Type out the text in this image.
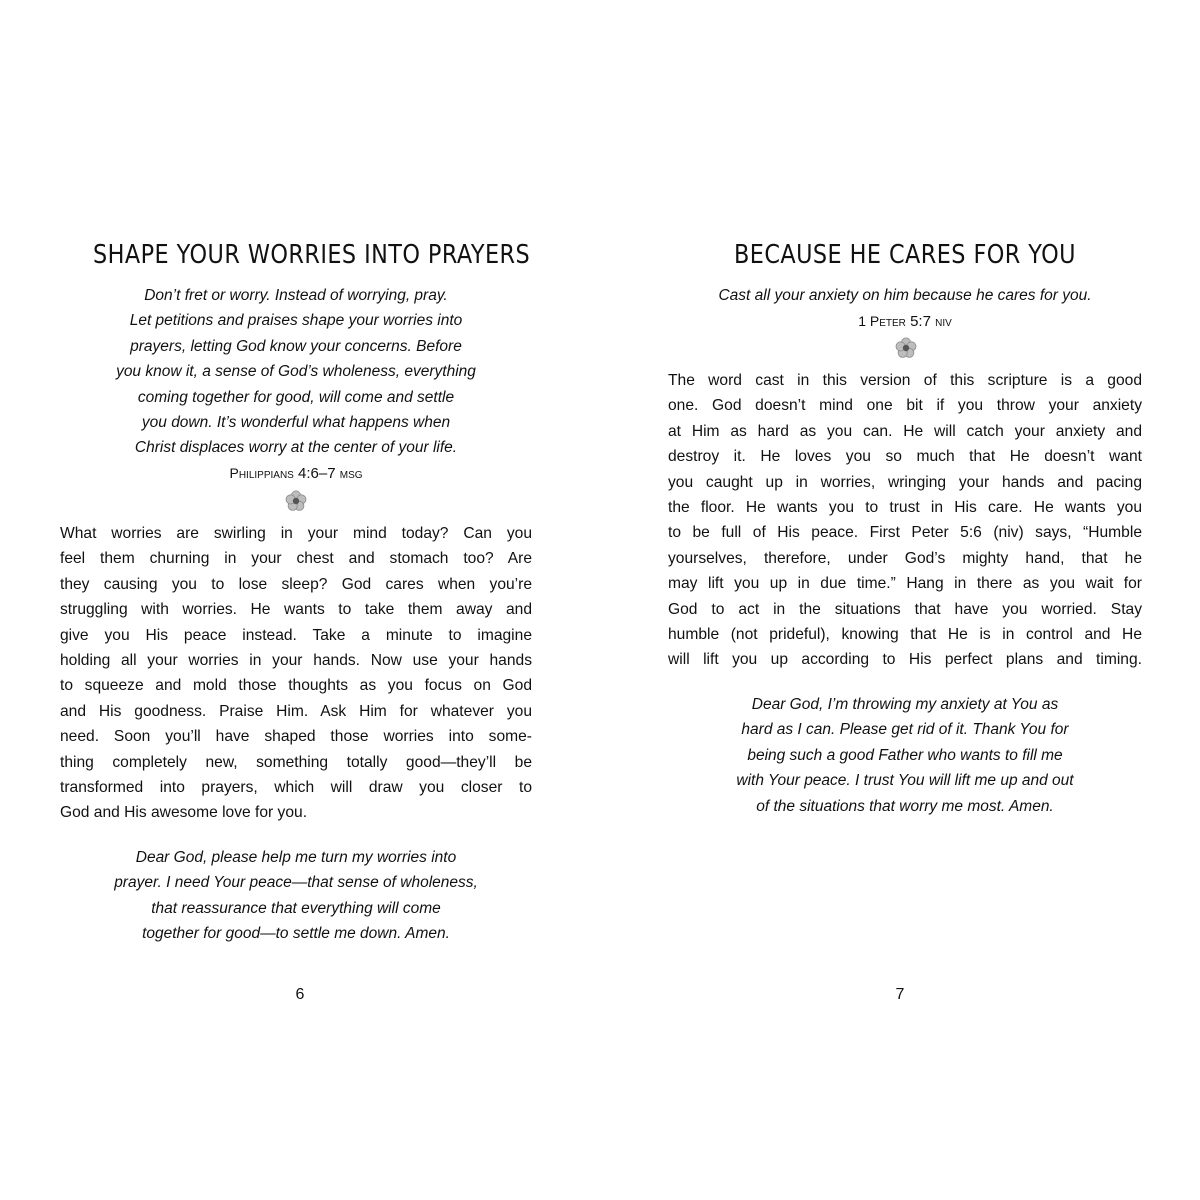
SHAPE YOUR WORRIES INTO PRAYERS
Don’t fret or worry. Instead of worrying, pray.
Let petitions and praises shape your worries into
prayers, letting God know your concerns. Before
you know it, a sense of God’s wholeness, everything
coming together for good, will come and settle
you down. It’s wonderful what happens when
Christ displaces worry at the center of your life.
Philippians 4:6–7 msg
What worries are swirling in your mind today? Can you
feel them churning in your chest and stomach too? Are
they causing you to lose sleep? God cares when you’re
struggling with worries. He wants to take them away and
give you His peace instead. Take a minute to imagine
holding all your worries in your hands. Now use your hands
to squeeze and mold those thoughts as you focus on God
and His goodness. Praise Him. Ask Him for whatever you
need. Soon you’ll have shaped those worries into some-
thing completely new, something totally good—they’ll be
transformed into prayers, which will draw you closer to
God and His awesome love for you.
Dear God, please help me turn my worries into
prayer. I need Your peace—that sense of wholeness,
that reassurance that everything will come
together for good—to settle me down. Amen.
6
BECAUSE HE CARES FOR YOU
Cast all your anxiety on him because he cares for you.
1 Peter 5:7 niv
The word cast in this version of this scripture is a good
one. God doesn’t mind one bit if you throw your anxiety
at Him as hard as you can. He will catch your anxiety and
destroy it. He loves you so much that He doesn’t want
you caught up in worries, wringing your hands and pacing
the floor. He wants you to trust in His care. He wants you
to be full of His peace. First Peter 5:6 (niv) says, “Humble
yourselves, therefore, under God’s mighty hand, that he
may lift you up in due time.” Hang in there as you wait for
God to act in the situations that have you worried. Stay
humble (not prideful), knowing that He is in control and He
will lift you up according to His perfect plans and timing.
Dear God, I’m throwing my anxiety at You as
hard as I can. Please get rid of it. Thank You for
being such a good Father who wants to fill me
with Your peace. I trust You will lift me up and out
of the situations that worry me most. Amen.
7
